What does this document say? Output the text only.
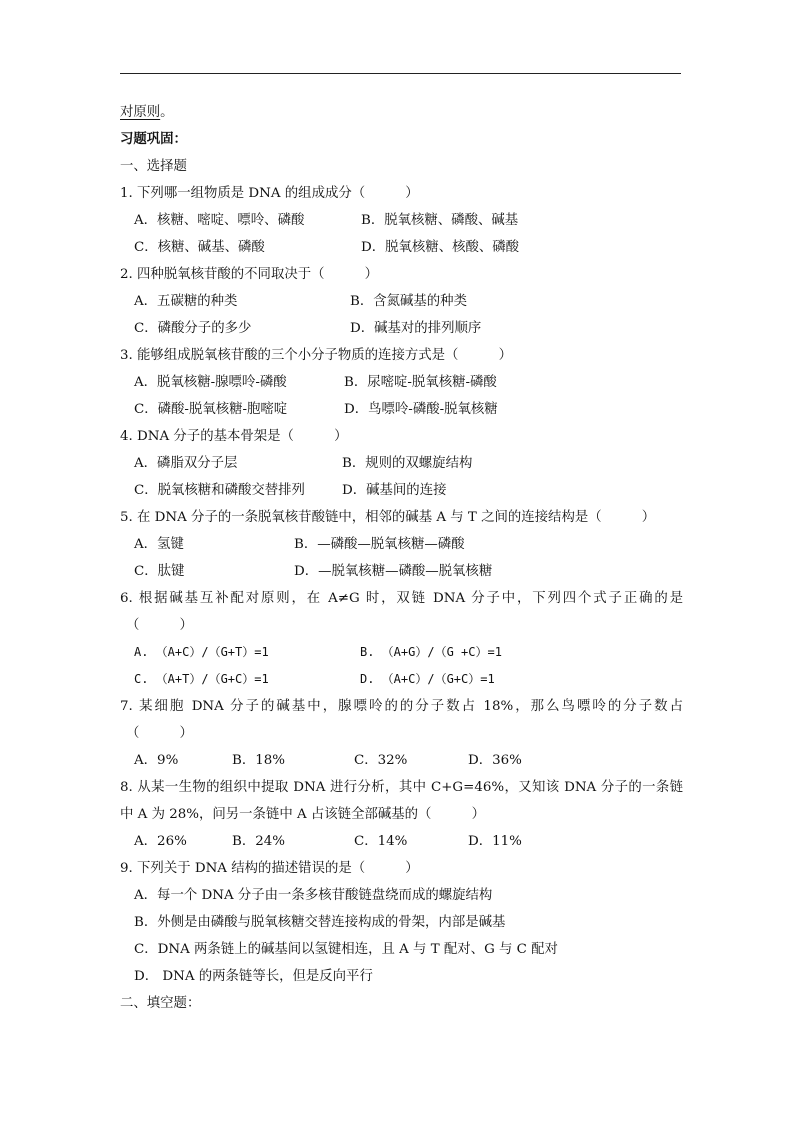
对原则。
习题巩固：
一、选择题
1. 下列哪一组物质是 DNA 的组成成分（　　　）
A．核糖、嘧啶、嘌呤、磷酸	B．脱氧核糖、磷酸、碱基
C．核糖、碱基、磷酸	D．脱氧核糖、核酸、磷酸
2. 四种脱氧核苷酸的不同取决于（　　　）
A．五碳糖的种类	B．含氮碱基的种类
C．磷酸分子的多少	D．碱基对的排列顺序
3. 能够组成脱氧核苷酸的三个小分子物质的连接方式是（　　　）
A．脱氧核糖-腺嘌呤-磷酸	B．尿嘧啶-脱氧核糖-磷酸
C．磷酸-脱氧核糖-胞嘧啶	D．鸟嘌呤-磷酸-脱氧核糖
4. DNA 分子的基本骨架是（　　　）
A．磷脂双分子层	B．规则的双螺旋结构
C．脱氧核糖和磷酸交替排列	D．碱基间的连接
5. 在 DNA 分子的一条脱氧核苷酸链中，相邻的碱基 A 与 T 之间的连接结构是（　　　）
A．氢键	B．—磷酸—脱氧核糖—磷酸
C．肽键	D．—脱氧核糖—磷酸—脱氧核糖
6. 根据碱基互补配对原则，在 A≠G 时，双链 DNA 分子中，下列四个式子正确的是
（　　　）
A. （A+C）/（G+T）=1	B. （A+G）/（G +C）=1
C. （A+T）/（G+C）=1	D. （A+C）/（G+C）=1
7. 某细胞 DNA 分子的碱基中，腺嘌呤的的分子数占 18%，那么鸟嘌呤的分子数占
（　　　）
A．9%	B．18%	C．32%	D．36%
8. 从某一生物的组织中提取 DNA 进行分析，其中 C+G=46%，又知该 DNA 分子的一条链
中 A 为 28%，问另一条链中 A 占该链全部碱基的（　　　）
A．26%	B．24%	C．14%	D．11%
9. 下列关于 DNA 结构的描述错误的是（　　　）
A．每一个 DNA 分子由一条多核苷酸链盘绕而成的螺旋结构
B．外侧是由磷酸与脱氧核糖交替连接构成的骨架，内部是碱基
C．DNA 两条链上的碱基间以氢键相连，且 A 与 T 配对、G 与 C 配对
D． DNA 的两条链等长，但是反向平行
二、填空题：
